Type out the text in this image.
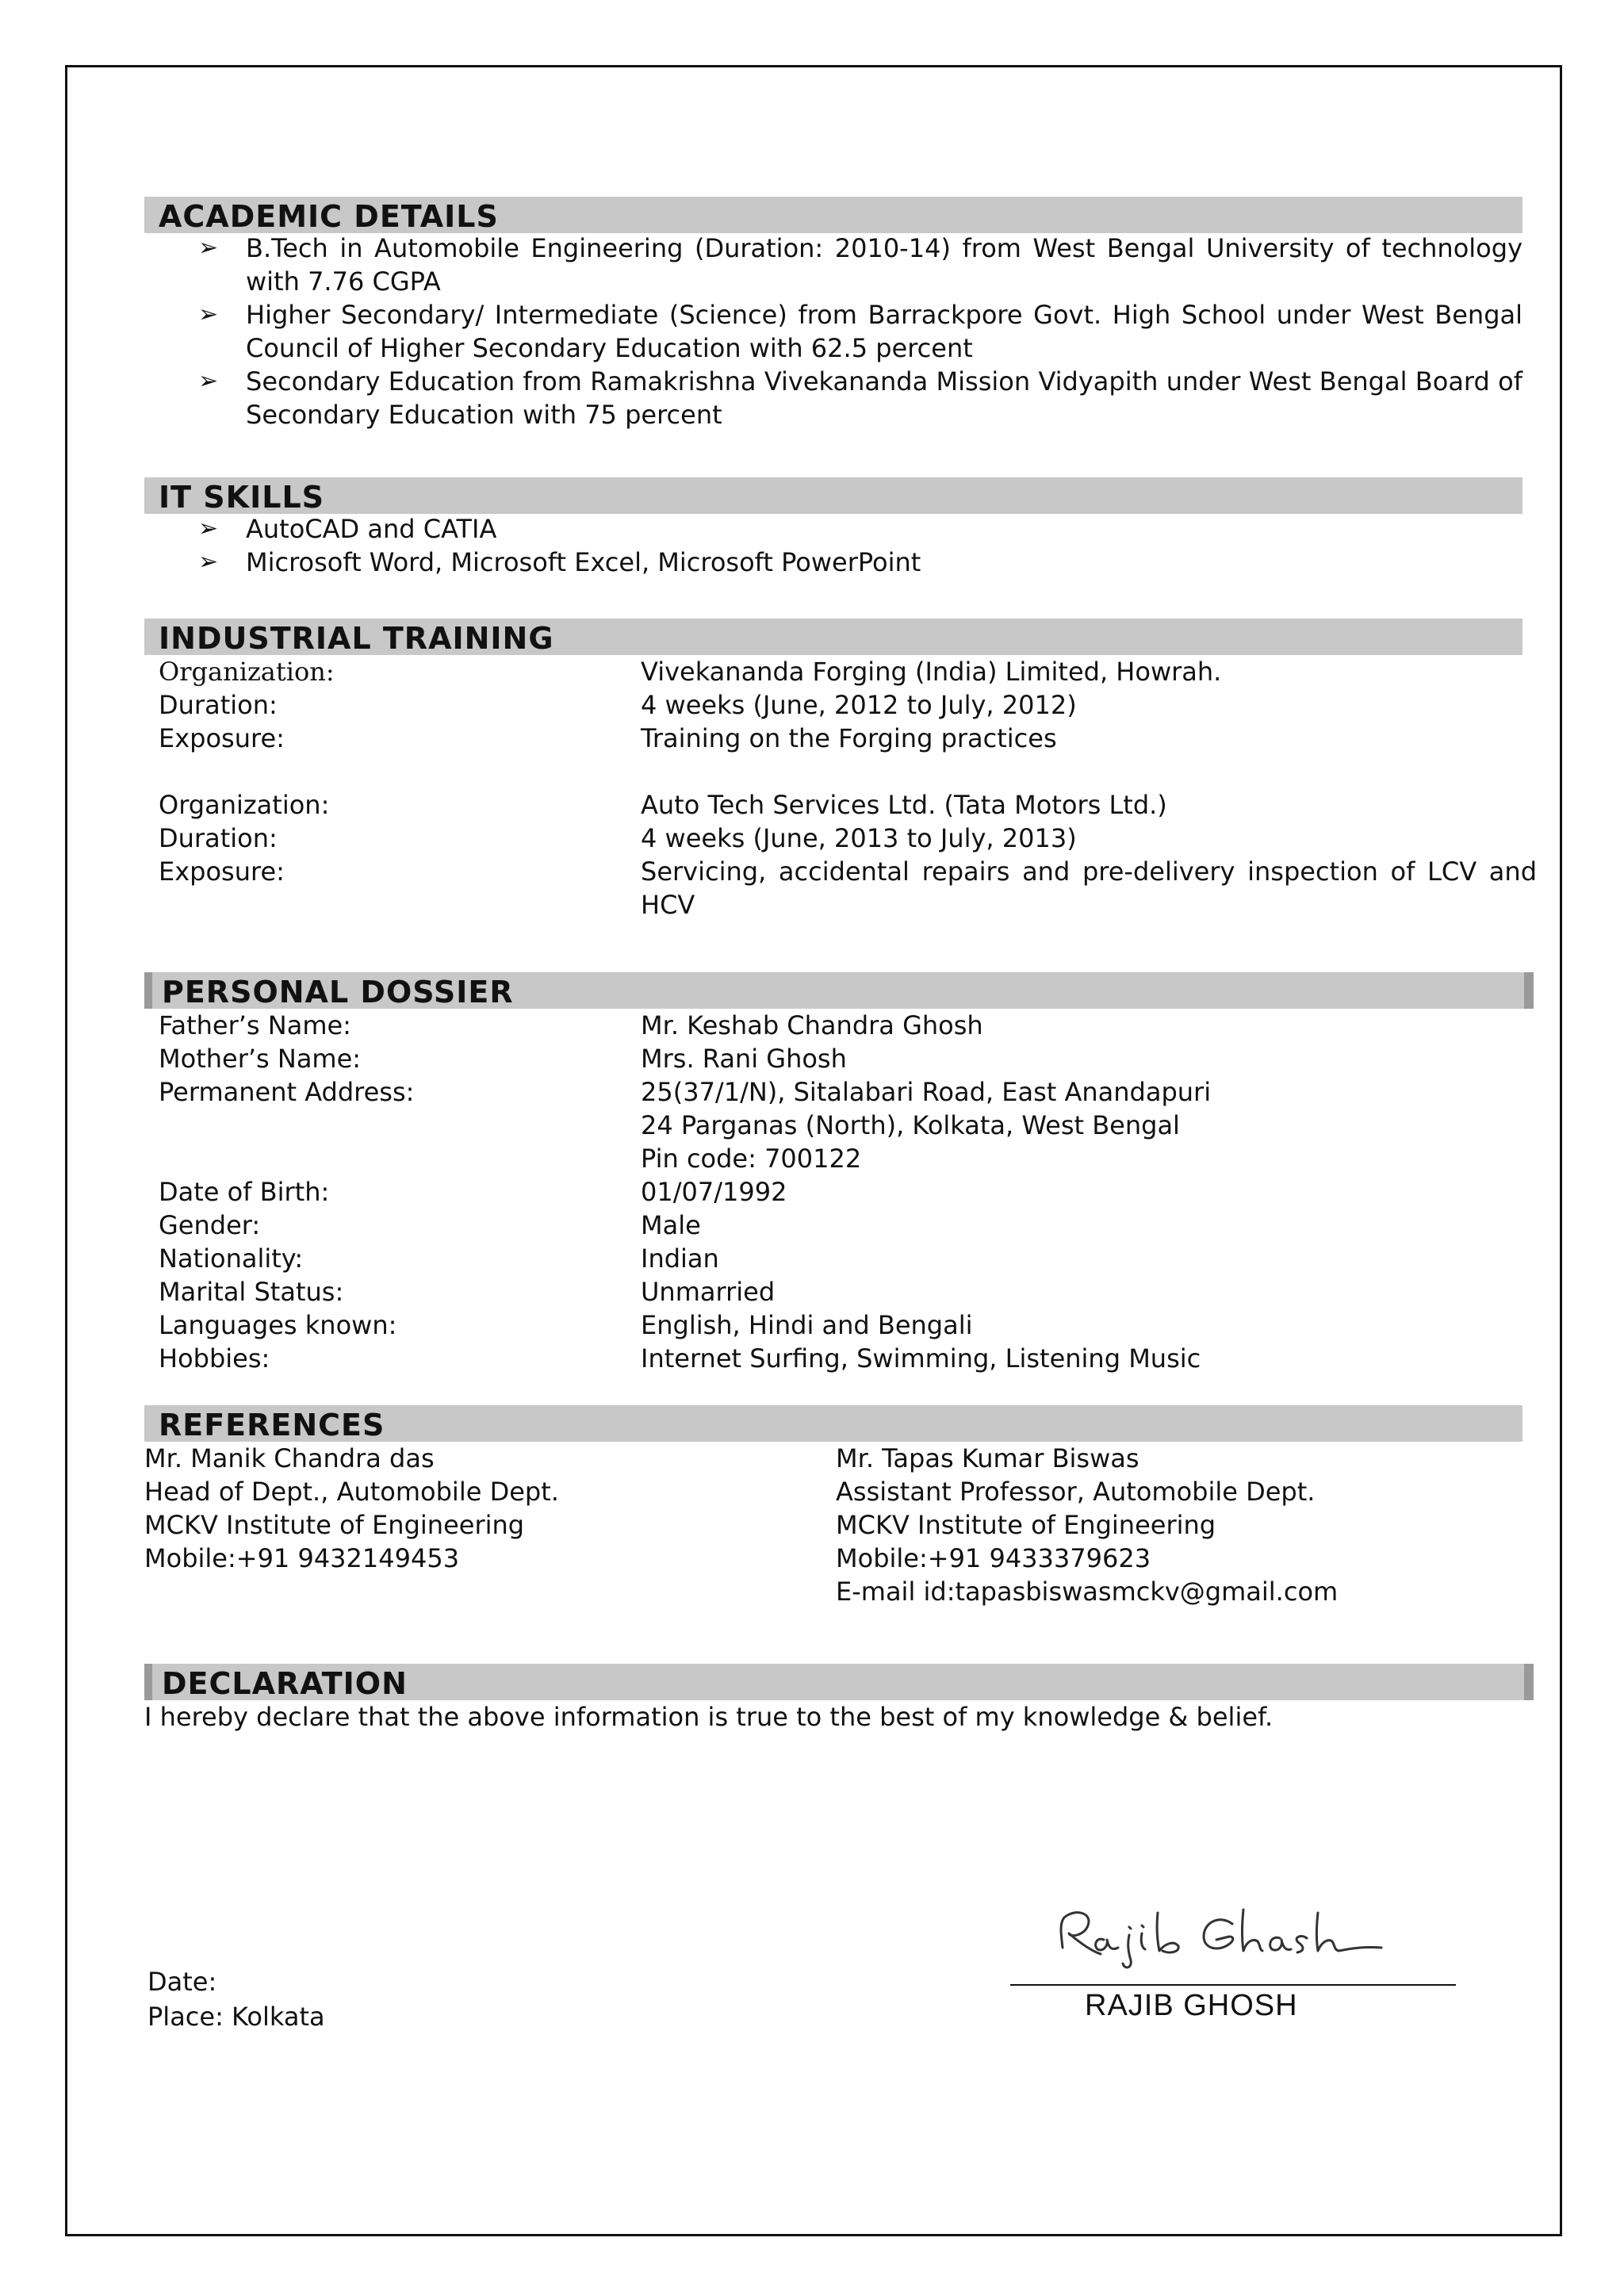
ACADEMIC DETAILS
➢ B.Tech in Automobile Engineering (Duration: 2010-14) from West Bengal University of technology with 7.76 CGPA
➢ Higher Secondary/ Intermediate (Science) from Barrackpore Govt. High School under West Bengal Council of Higher Secondary Education with 62.5 percent
➢ Secondary Education from Ramakrishna Vivekananda Mission Vidyapith under West Bengal Board of Secondary Education with 75 percent
IT SKILLS
➢ AutoCAD and CATIA
➢ Microsoft Word, Microsoft Excel, Microsoft PowerPoint
INDUSTRIAL TRAINING
Organization:	Vivekananda Forging (India) Limited, Howrah.
Duration:	4 weeks (June, 2012 to July, 2012)
Exposure:	Training on the Forging practices
Organization:	Auto Tech Services Ltd. (Tata Motors Ltd.)
Duration:	4 weeks (June, 2013 to July, 2013)
Exposure:	Servicing, accidental repairs and pre-delivery inspection of LCV and HCV
PERSONAL DOSSIER
Father’s Name:	Mr. Keshab Chandra Ghosh
Mother’s Name:	Mrs. Rani Ghosh
Permanent Address:	25(37/1/N), Sitalabari Road, East Anandapuri
24 Parganas (North), Kolkata, West Bengal
Pin code: 700122
Date of Birth:	01/07/1992
Gender:	Male
Nationality:	Indian
Marital Status:	Unmarried
Languages known:	English, Hindi and Bengali
Hobbies:	Internet Surfing, Swimming, Listening Music
REFERENCES
Mr. Manik Chandra das
Head of Dept., Automobile Dept.
MCKV Institute of Engineering
Mobile:+91 9432149453
Mr. Tapas Kumar Biswas
Assistant Professor, Automobile Dept.
MCKV Institute of Engineering
Mobile:+91 9433379623
E-mail id:tapasbiswasmckv@gmail.com
DECLARATION
I hereby declare that the above information is true to the best of my knowledge & belief.
Date:
Place: Kolkata	RAJIB GHOSH
